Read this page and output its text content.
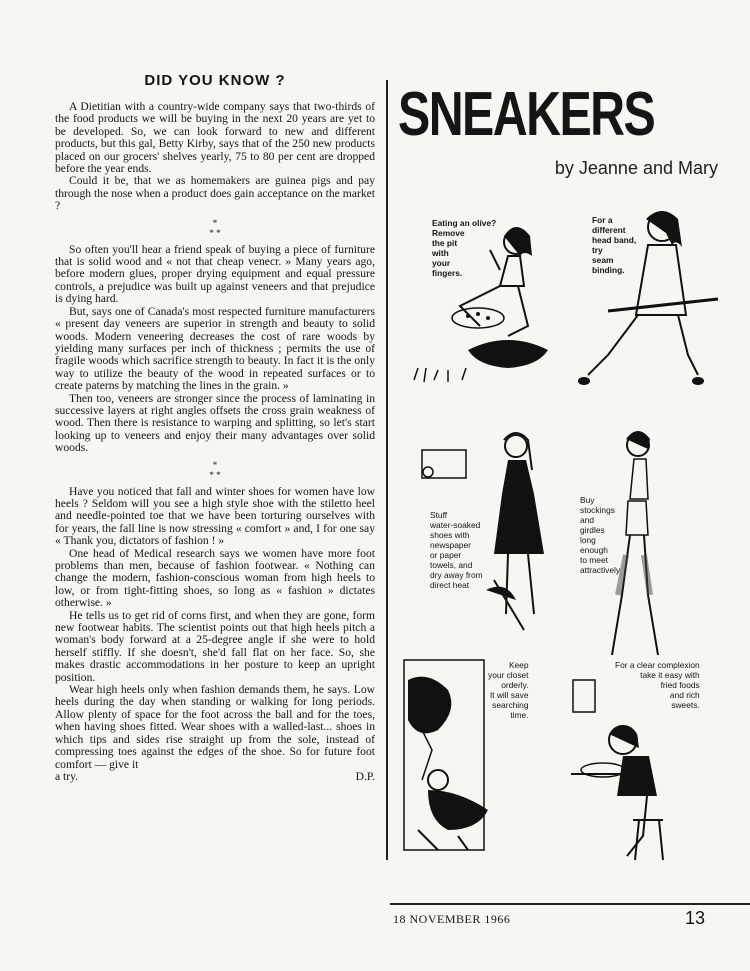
DID YOU KNOW ?

A Dietitian with a country-wide company says that two-thirds of the food products we will be buying in the next 20 years are yet to be developed. So, we can look forward to new and different products, but this gal, Betty Kirby, says that of the 250 new products placed on our grocers' shelves yearly, 75 to 80 per cent are dropped before the year ends.

Could it be, that we as homemakers are guinea pigs and pay through the nose when a product does gain acceptance on the market ?

*
* *

So often you'll hear a friend speak of buying a piece of furniture that is solid wood and « not that cheap venecr. » Many years ago, before modern glues, proper drying equipment and equal pressure controls, a prejudice was built up against veneers and that prejudice is dying hard.

But, says one of Canada's most respected furniture manufacturers « present day veneers are superior in strength and beauty to solid woods. Modern veneering decreases the cost of rare woods by yielding many surfaces per inch of thickness ; permits the use of fragile woods which sacrifice strength to beauty. In fact it is the only way to utilize the beauty of the wood in repeated surfaces or to create paterns by matching the lines in the grain. »

Then too, veneers are stronger since the process of laminating in successive layers at right angles offsets the cross grain weakness of wood. Then there is resistance to warping and splitting, so let's start looking up to veneers and enjoy their many advantages over solid woods.

*
* *

Have you noticed that fall and winter shoes for women have low heels ? Seldom will you see a high style shoe with the stiletto heel and needle-pointed toe that we have been torturing ourselves with for years, the fall line is now stressing « comfort » and, I for one say « Thank you, dictators of fashion ! »

One head of Medical research says we women have more foot problems than men, because of fashion footwear. « Nothing can change the modern, fashion-conscious woman from high heels to low, or from tight-fitting shoes, so long as « fashion » dictates otherwise. »

He tells us to get rid of corns first, and when they are gone, form new footwear habits. The scientist points out that high heels pitch a woman's body forward at a 25-degree angle if she were to hold herself stiffly. If she doesn't, she'd fall flat on her face. So, she makes drastic accommodations in her posture to keep an upright position.

Wear high heels only when fashion demands them, he says. Low heels during the day when standing or walking for long periods. Allow plenty of space for the foot across the ball and for the toes, when having shoes fitted. Wear shoes with a walled-last... shoes in which tips and sides rise straight up from the sole, instead of compressing toes against the edges of the shoe. So for future foot comfort — give it

a try.	D.P.

SNEAKERS
by Jeanne and Mary
Eating an olive?
Remove
the pit
with
your
fingers.
For a
different
head band,
try
seam
binding.
Stuff
water-soaked
shoes with
newspaper
or paper
towels, and
dry away from
direct heat
Buy
stockings
and
girdles
long
enough
to meet
attractively
Keep
your closet
orderly.
It will save
searching
time.
For a clear complexion
take it easy with
fried foods
and rich
sweets.
18 NOVEMBER 1966	13
